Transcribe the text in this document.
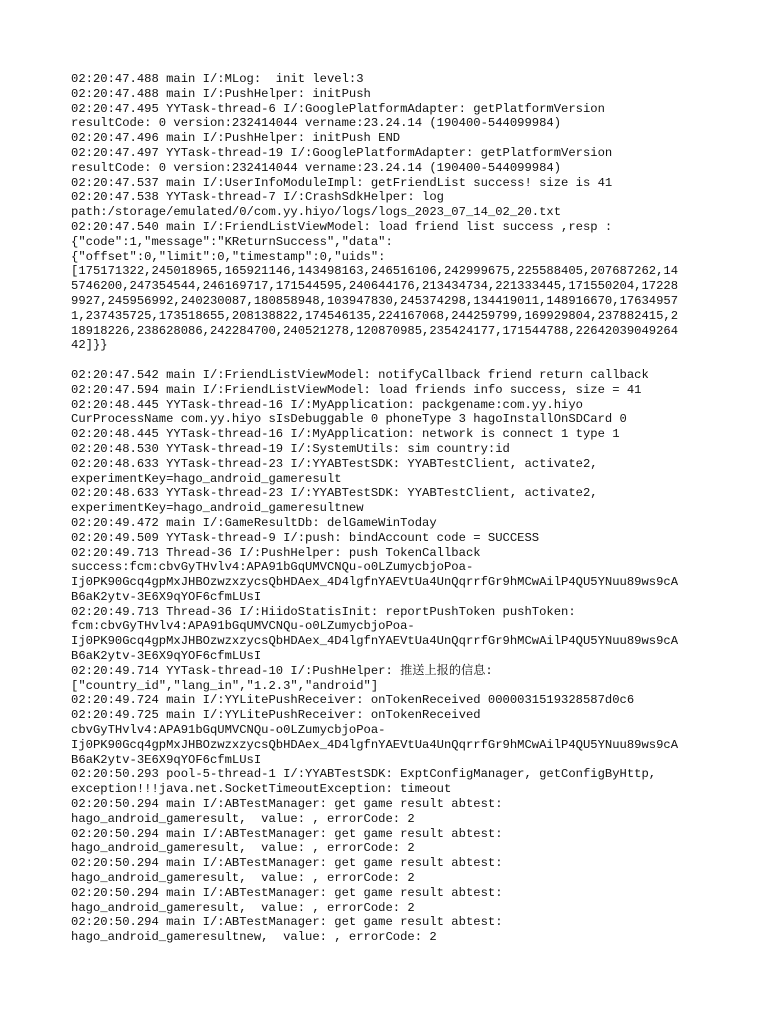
02:20:47.488 main I/:MLog:  init level:3
02:20:47.488 main I/:PushHelper: initPush
02:20:47.495 YYTask-thread-6 I/:GooglePlatformAdapter: getPlatformVersion
resultCode: 0 version:232414044 vername:23.24.14 (190400-544099984)
02:20:47.496 main I/:PushHelper: initPush END
02:20:47.497 YYTask-thread-19 I/:GooglePlatformAdapter: getPlatformVersion
resultCode: 0 version:232414044 vername:23.24.14 (190400-544099984)
02:20:47.537 main I/:UserInfoModuleImpl: getFriendList success! size is 41
02:20:47.538 YYTask-thread-7 I/:CrashSdkHelper: log
path:/storage/emulated/0/com.yy.hiyo/logs/logs_2023_07_14_02_20.txt
02:20:47.540 main I/:FriendListViewModel: load friend list success ,resp :
{"code":1,"message":"KReturnSuccess","data":
{"offset":0,"limit":0,"timestamp":0,"uids":
[175171322,245018965,165921146,143498163,246516106,242999675,225588405,207687262,14
5746200,247354544,246169717,171544595,240644176,213434734,221333445,171550204,17228
9927,245956992,240230087,180858948,103947830,245374298,134419011,148916670,17634957
1,237435725,173518655,208138822,174546135,224167068,244259799,169929804,237882415,2
18918226,238628086,242284700,240521278,120870985,235424177,171544788,22642039049264
42]}}
02:20:47.542 main I/:FriendListViewModel: notifyCallback friend return callback
02:20:47.594 main I/:FriendListViewModel: load friends info success, size = 41
02:20:48.445 YYTask-thread-16 I/:MyApplication: packgename:com.yy.hiyo
CurProcessName com.yy.hiyo sIsDebuggable 0 phoneType 3 hagoInstallOnSDCard 0
02:20:48.445 YYTask-thread-16 I/:MyApplication: network is connect 1 type 1
02:20:48.530 YYTask-thread-19 I/:SystemUtils: sim country:id
02:20:48.633 YYTask-thread-23 I/:YYABTestSDK: YYABTestClient, activate2,
experimentKey=hago_android_gameresult
02:20:48.633 YYTask-thread-23 I/:YYABTestSDK: YYABTestClient, activate2,
experimentKey=hago_android_gameresultnew
02:20:49.472 main I/:GameResultDb: delGameWinToday
02:20:49.509 YYTask-thread-9 I/:push: bindAccount code = SUCCESS
02:20:49.713 Thread-36 I/:PushHelper: push TokenCallback
success:fcm:cbvGyTHvlv4:APA91bGqUMVCNQu-o0LZumycbjoPoa-
Ij0PK90Gcq4gpMxJHBOzwzxzycsQbHDAex_4D4lgfnYAEVtUa4UnQqrrfGr9hMCwAilP4QU5YNuu89ws9cA
B6aK2ytv-3E6X9qYOF6cfmLUsI
02:20:49.713 Thread-36 I/:HiidoStatisInit: reportPushToken pushToken:
fcm:cbvGyTHvlv4:APA91bGqUMVCNQu-o0LZumycbjoPoa-
Ij0PK90Gcq4gpMxJHBOzwzxzycsQbHDAex_4D4lgfnYAEVtUa4UnQqrrfGr9hMCwAilP4QU5YNuu89ws9cA
B6aK2ytv-3E6X9qYOF6cfmLUsI
02:20:49.714 YYTask-thread-10 I/:PushHelper: 推送上报的信息:
["country_id","lang_in","1.2.3","android"]
02:20:49.724 main I/:YYLitePushReceiver: onTokenReceived 0000031519328587d0c6
02:20:49.725 main I/:YYLitePushReceiver: onTokenReceived
cbvGyTHvlv4:APA91bGqUMVCNQu-o0LZumycbjoPoa-
Ij0PK90Gcq4gpMxJHBOzwzxzycsQbHDAex_4D4lgfnYAEVtUa4UnQqrrfGr9hMCwAilP4QU5YNuu89ws9cA
B6aK2ytv-3E6X9qYOF6cfmLUsI
02:20:50.293 pool-5-thread-1 I/:YYABTestSDK: ExptConfigManager, getConfigByHttp,
exception!!!java.net.SocketTimeoutException: timeout
02:20:50.294 main I/:ABTestManager: get game result abtest:
hago_android_gameresult,  value: , errorCode: 2
02:20:50.294 main I/:ABTestManager: get game result abtest:
hago_android_gameresult,  value: , errorCode: 2
02:20:50.294 main I/:ABTestManager: get game result abtest:
hago_android_gameresult,  value: , errorCode: 2
02:20:50.294 main I/:ABTestManager: get game result abtest:
hago_android_gameresult,  value: , errorCode: 2
02:20:50.294 main I/:ABTestManager: get game result abtest:
hago_android_gameresultnew,  value: , errorCode: 2
